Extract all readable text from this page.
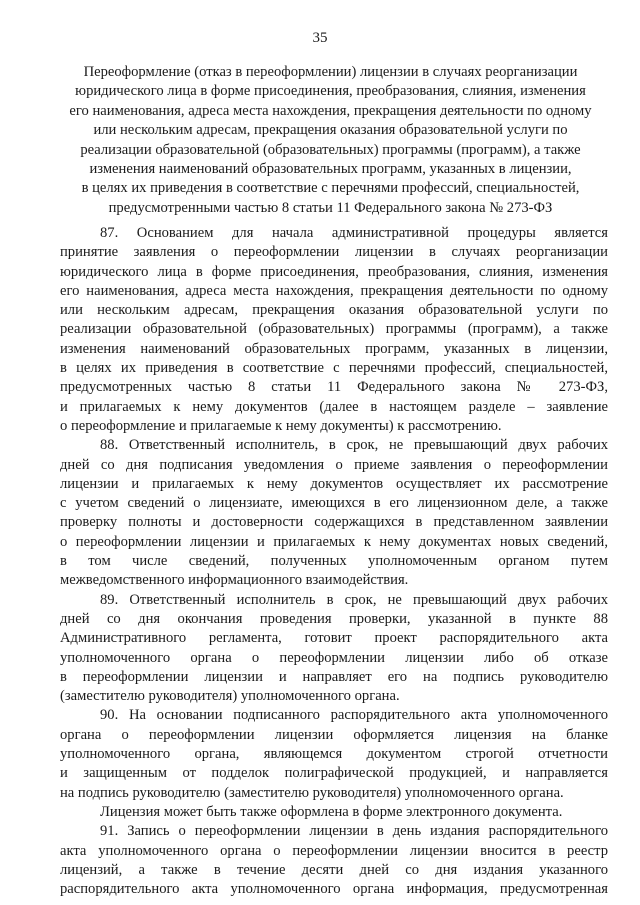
35
Переоформление (отказ в переоформлении) лицензии в случаях реорганизации
юридического лица в форме присоединения, преобразования, слияния, изменения
его наименования, адреса места нахождения, прекращения деятельности по одному
или нескольким адресам, прекращения оказания образовательной услуги по
реализации образовательной (образовательных) программы (программ), а также
изменения наименований образовательных программ, указанных в лицензии,
в целях их приведения в соответствие с перечнями профессий, специальностей,
предусмотренными частью 8 статьи 11 Федерального закона № 273-ФЗ
87. Основанием для начала административной процедуры является
принятие заявления о переоформлении лицензии в случаях реорганизации
юридического лица в форме присоединения, преобразования, слияния, изменения
его наименования, адреса места нахождения, прекращения деятельности по одному
или нескольким адресам, прекращения оказания образовательной услуги по
реализации образовательной (образовательных) программы (программ), а также
изменения наименований образовательных программ, указанных в лицензии,
в целях их приведения в соответствие с перечнями профессий, специальностей,
предусмотренных частью 8 статьи 11 Федерального закона № 273-ФЗ,
и прилагаемых к нему документов (далее в настоящем разделе – заявление
о переоформление и прилагаемые к нему документы) к рассмотрению.
88. Ответственный исполнитель, в срок, не превышающий двух рабочих
дней со дня подписания уведомления о приеме заявления о переоформлении
лицензии и прилагаемых к нему документов осуществляет их рассмотрение
с учетом сведений о лицензиате, имеющихся в его лицензионном деле, а также
проверку полноты и достоверности содержащихся в представленном заявлении
о переоформлении лицензии и прилагаемых к нему документах новых сведений,
в том числе сведений, полученных уполномоченным органом путем
межведомственного информационного взаимодействия.
89. Ответственный исполнитель в срок, не превышающий двух рабочих
дней со дня окончания проведения проверки, указанной в пункте 88
Административного регламента, готовит проект распорядительного акта
уполномоченного органа о переоформлении лицензии либо об отказе
в переоформлении лицензии и направляет его на подпись руководителю
(заместителю руководителя) уполномоченного органа.
90. На основании подписанного распорядительного акта уполномоченного
органа о переоформлении лицензии оформляется лицензия на бланке
уполномоченного органа, являющемся документом строгой отчетности
и защищенным от подделок полиграфической продукцией, и направляется
на подпись руководителю (заместителю руководителя) уполномоченного органа.
Лицензия может быть также оформлена в форме электронного документа.
91. Запись о переоформлении лицензии в день издания распорядительного
акта уполномоченного органа о переоформлении лицензии вносится в реестр
лицензий, а также в течение десяти дней со дня издания указанного
распорядительного акта уполномоченного органа информация, предусмотренная
